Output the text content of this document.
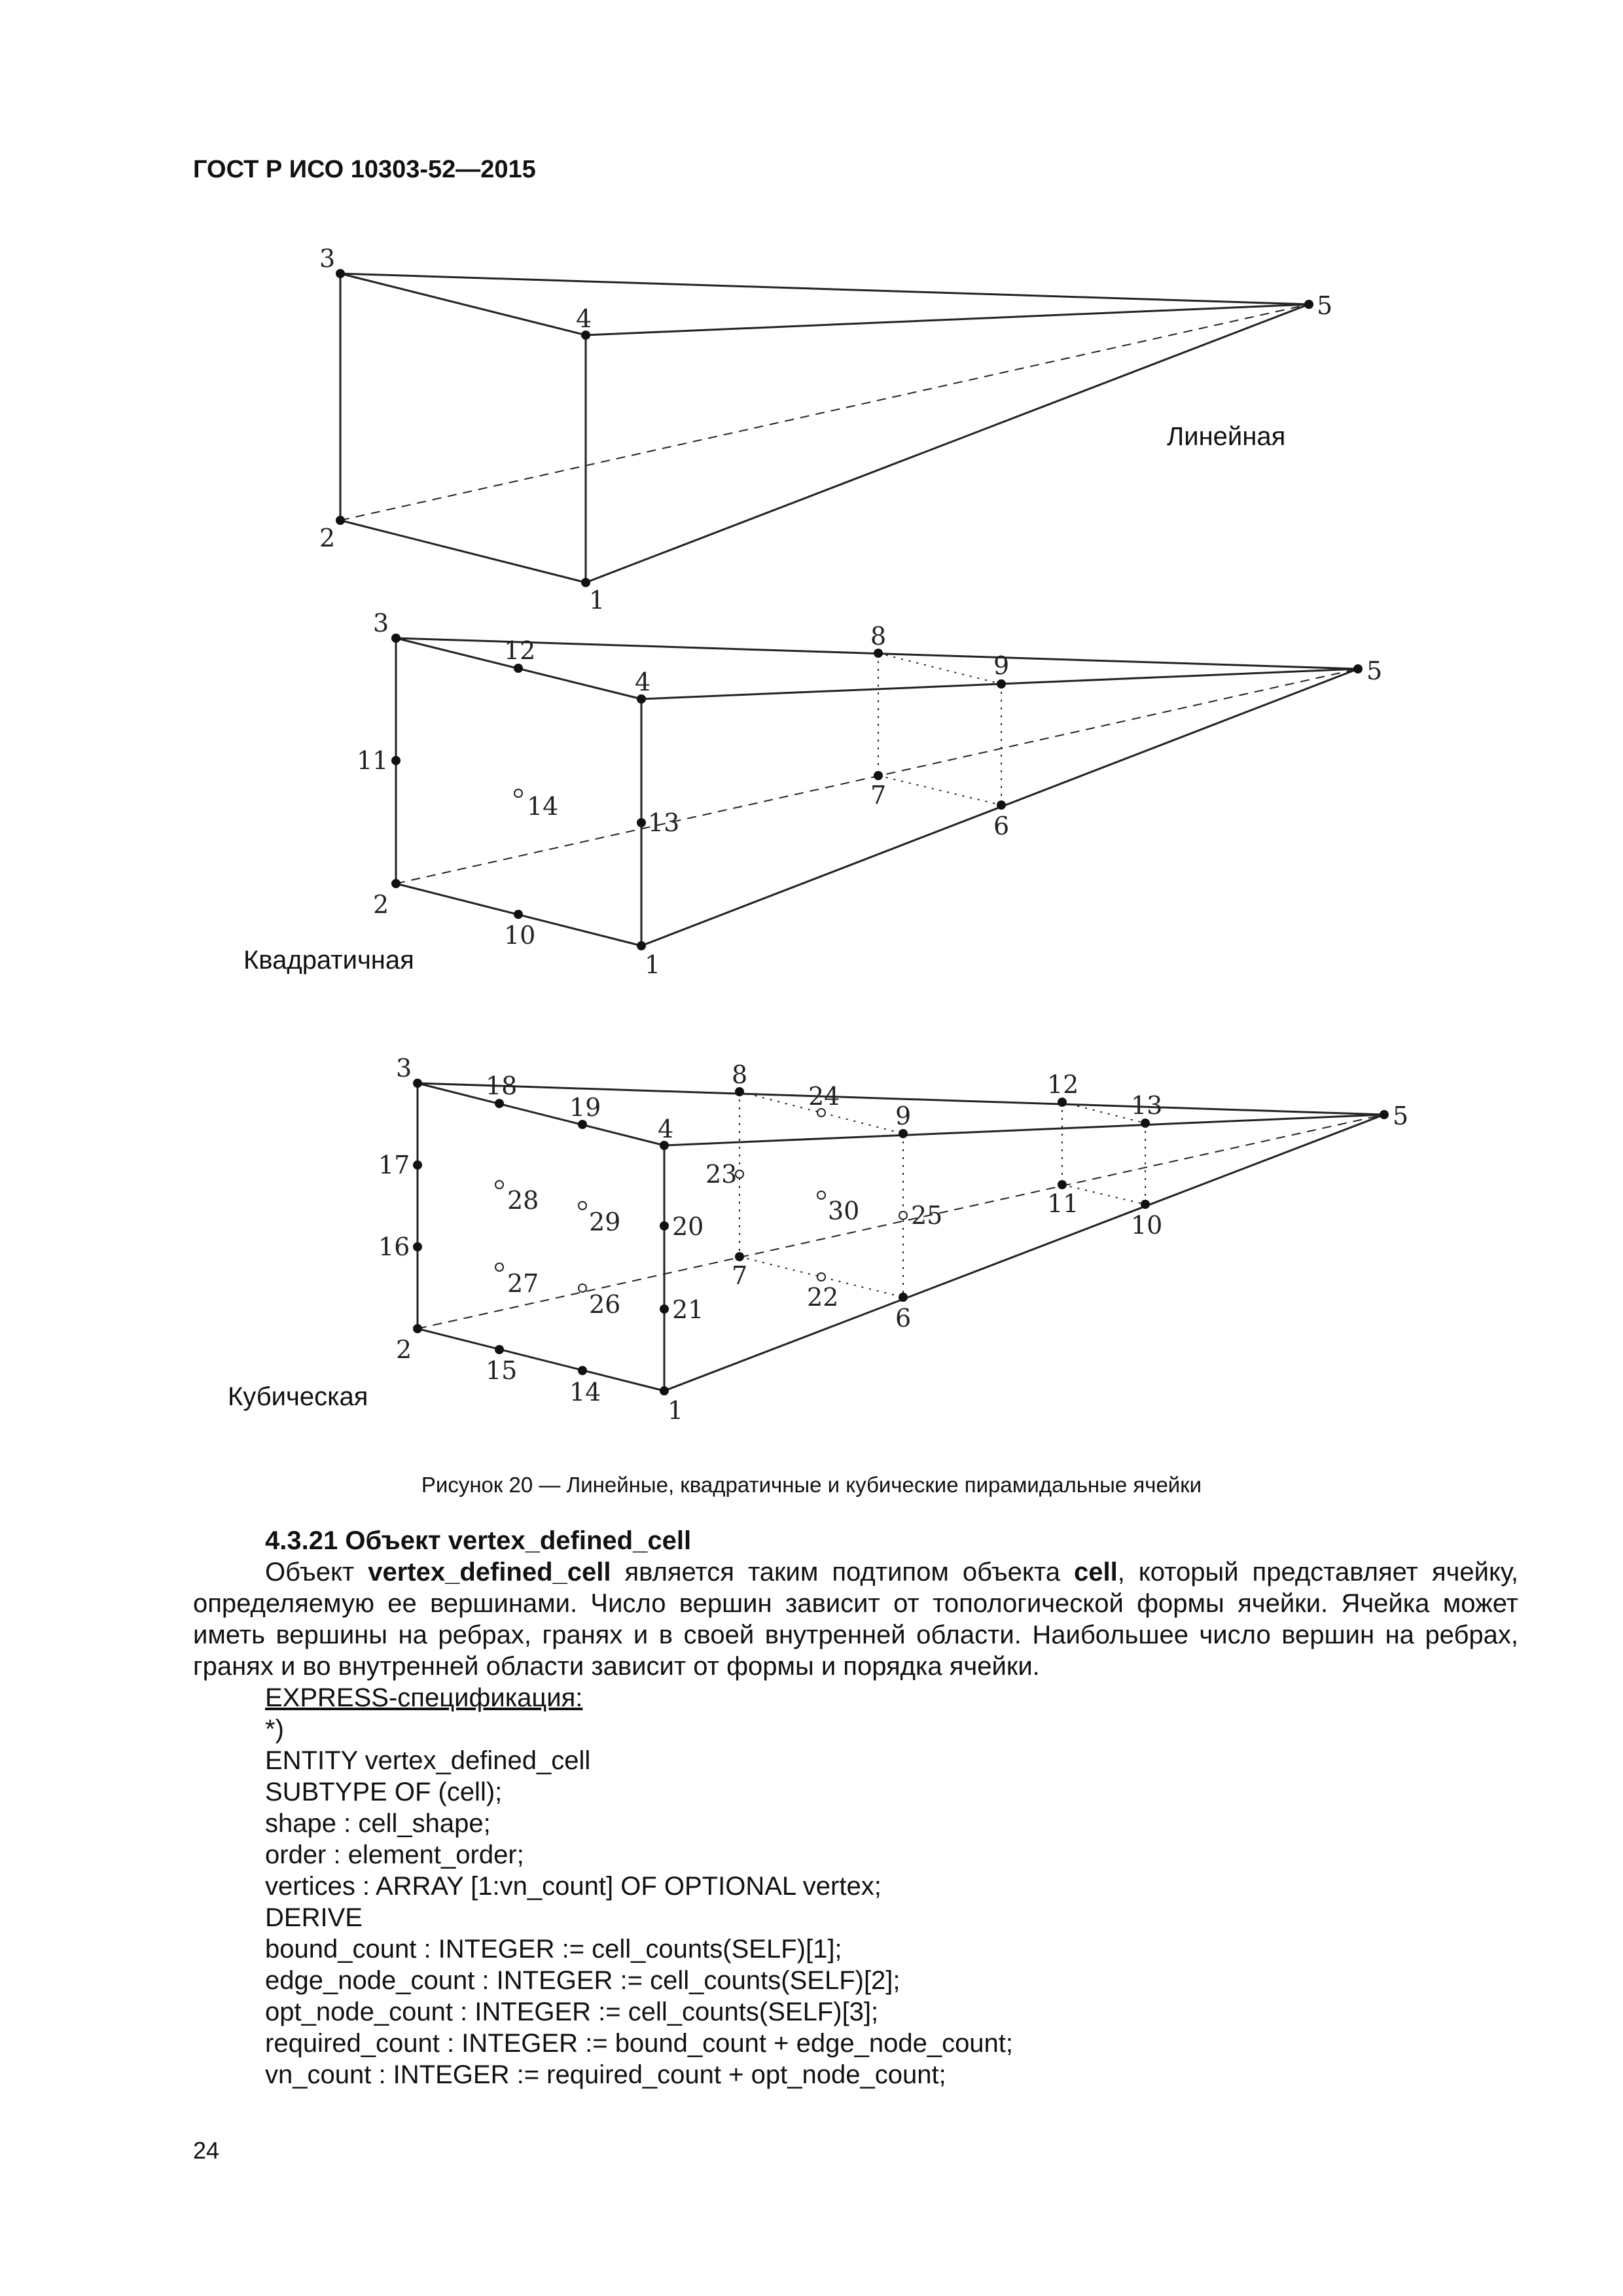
ГОСТ Р ИСО 10303-52—2015
3
4	5
2
1
3
4	5
2
1
12
11
13
10
14
8
9
7
6
3
4	5
2
1
18
19
17
16
20
21
15
14
28
29
27
26
8
9
24
23
7
6
22
30 25
12
13
11
10
Линейная
Квадратичная
Кубическая
Рисунок 20 — Линейные, квадратичные и кубические пирамидальные ячейки
4.3.21 Объект vertex_defined_cell

Объект vertex_defined_cell является таким подтипом объекта cell, который представляет ячейку, определяемую ее вершинами. Число вершин зависит от топологической формы ячейки. Ячейка может иметь вершины на ребрах, гранях и в своей внутренней области. Наибольшее число вершин на ребрах, гранях и во внутренней области зависит от формы и порядка ячейки.

EXPRESS-спецификация:
*)
ENTITY vertex_defined_cell
SUBTYPE OF (cell);
shape : cell_shape;
order : element_order;
vertices : ARRAY [1:vn_count] OF OPTIONAL vertex;
DERIVE
bound_count : INTEGER := cell_counts(SELF)[1];
edge_node_count : INTEGER := cell_counts(SELF)[2];
opt_node_count : INTEGER := cell_counts(SELF)[3];
required_count : INTEGER := bound_count + edge_node_count;
vn_count : INTEGER := required_count + opt_node_count;
24
